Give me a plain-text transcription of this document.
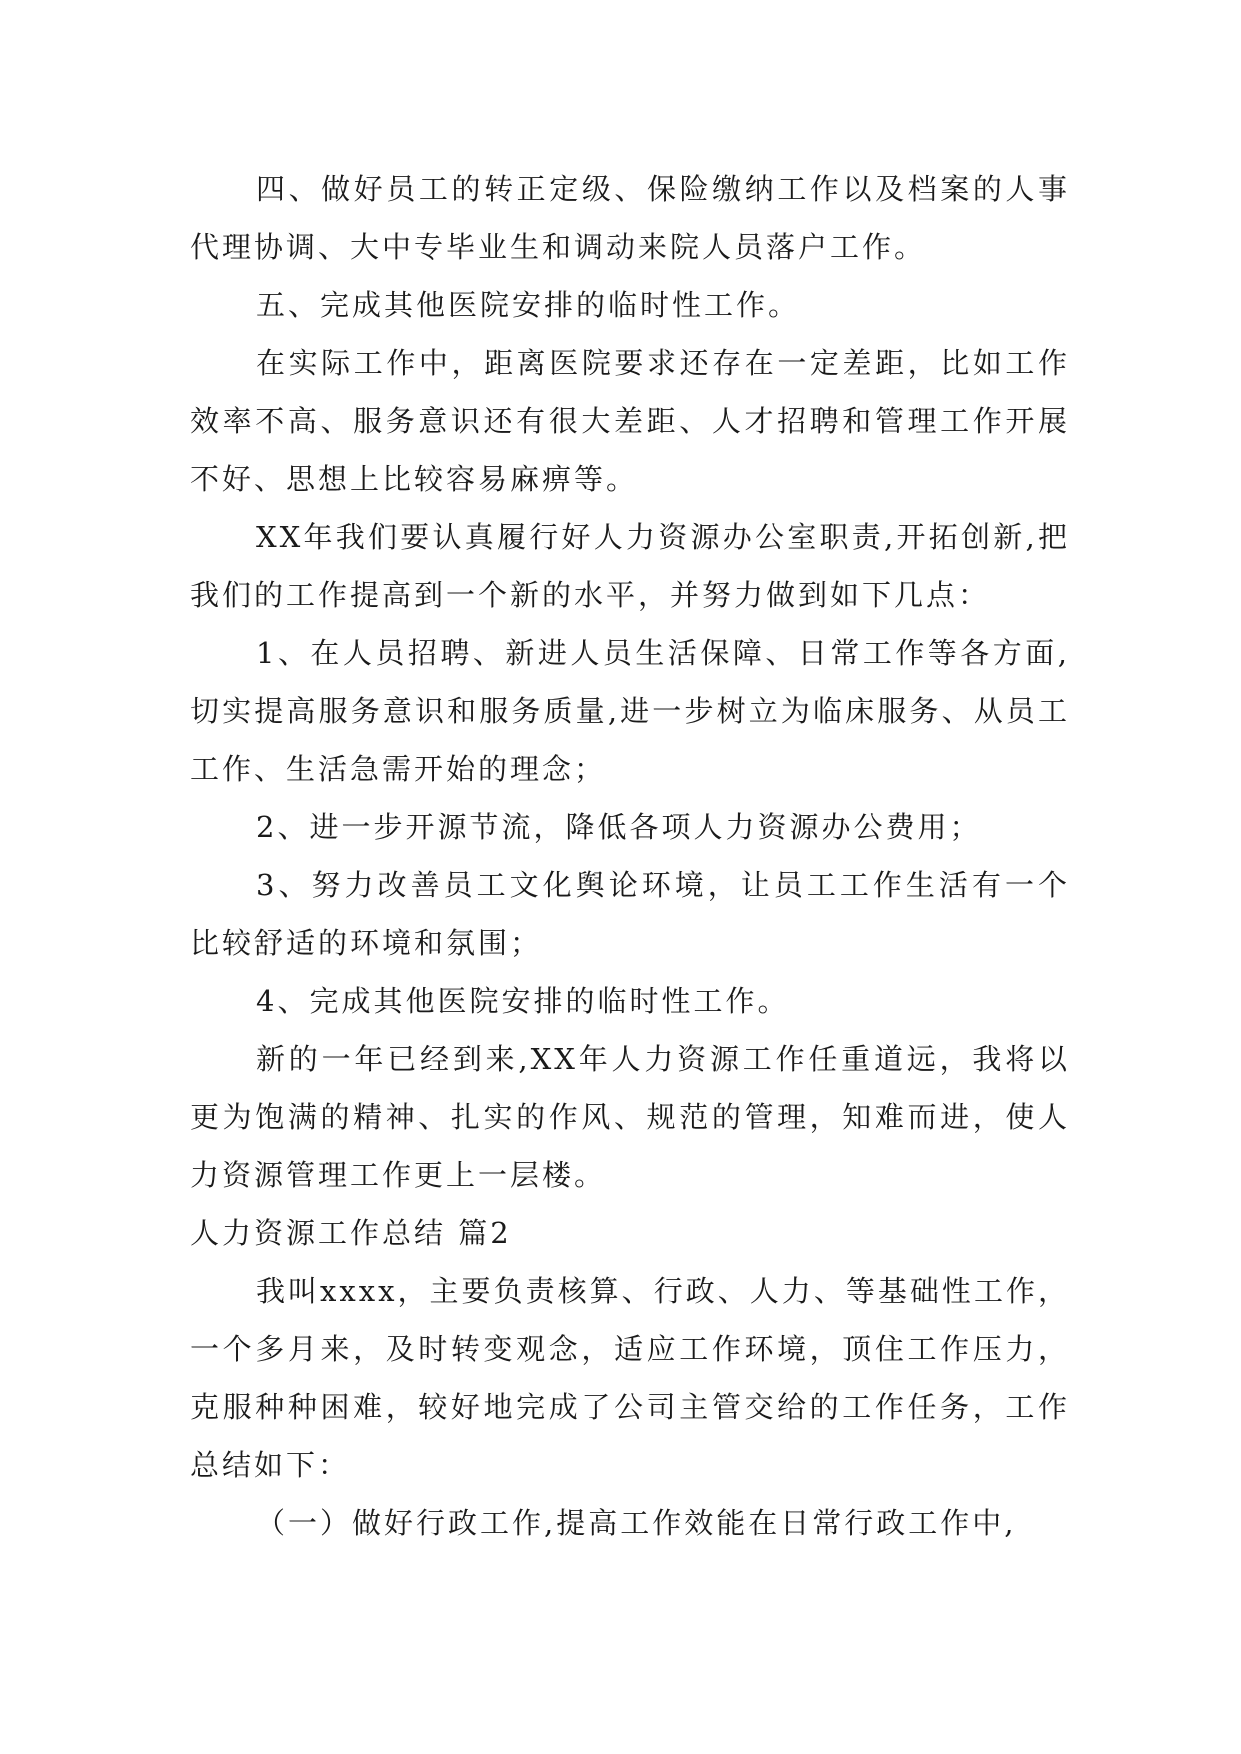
四、做好员工的转正定级、保险缴纳工作以及档案的人事代理协调、大中专毕业生和调动来院人员落户工作。

五、完成其他医院安排的临时性工作。

在实际工作中，距离医院要求还存在一定差距，比如工作效率不高、服务意识还有很大差距、人才招聘和管理工作开展不好、思想上比较容易麻痹等。

XX年我们要认真履行好人力资源办公室职责,开拓创新,把我们的工作提高到一个新的水平，并努力做到如下几点：

1、在人员招聘、新进人员生活保障、日常工作等各方面,切实提高服务意识和服务质量,进一步树立为临床服务、从员工工作、生活急需开始的理念；

2、进一步开源节流，降低各项人力资源办公费用；

3、努力改善员工文化舆论环境，让员工工作生活有一个比较舒适的环境和氛围；

4、完成其他医院安排的临时性工作。

新的一年已经到来,XX年人力资源工作任重道远，我将以更为饱满的精神、扎实的作风、规范的管理，知难而进，使人力资源管理工作更上一层楼。

人力资源工作总结 篇2

我叫xxxx，主要负责核算、行政、人力、等基础性工作，一个多月来，及时转变观念，适应工作环境，顶住工作压力，克服种种困难，较好地完成了公司主管交给的工作任务，工作总结如下：

（一）做好行政工作,提高工作效能在日常行政工作中,
